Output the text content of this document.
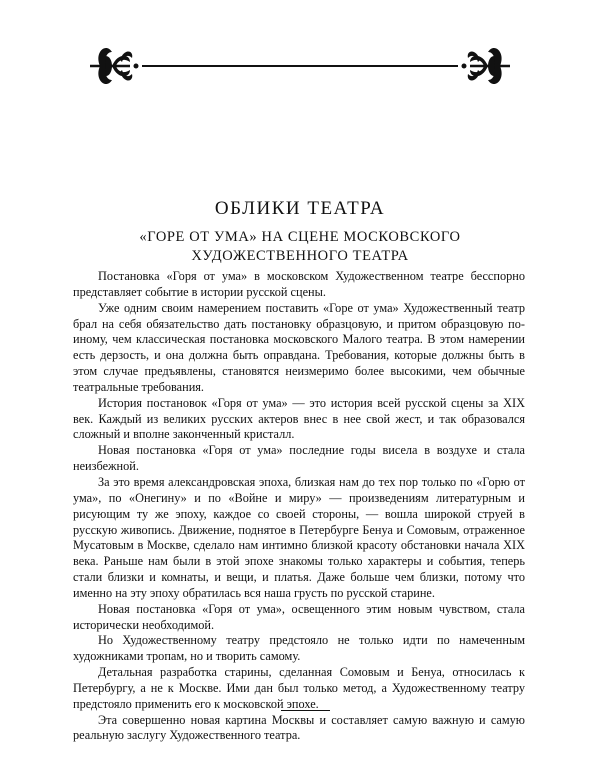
ОБЛИКИ ТЕАТРА
«ГОРЕ ОТ УМА» НА СЦЕНЕ МОСКОВСКОГО
ХУДОЖЕСТВЕННОГО ТЕАТРА

Постановка «Горя от ума» в московском Художественном театре бесспорно представляет событие в истории русской сцены.

Уже одним своим намерением поставить «Горе от ума» Художественный театр брал на себя обязательство дать постановку образцовую, и притом образцовую по-иному, чем классическая постановка московского Малого театра. В этом намерении есть дерзость, и она должна быть оправдана. Требования, которые должны быть в этом случае предъявлены, становятся неизмеримо более высокими, чем обычные театральные требования.

История постановок «Горя от ума» — это история всей русской сцены за XIX век. Каждый из великих русских актеров внес в нее свой жест, и так образовался сложный и вполне законченный кристалл.

Новая постановка «Горя от ума» последние годы висела в воздухе и стала неизбежной.

За это время александровская эпоха, близкая нам до тех пор только по «Горю от ума», по «Онегину» и по «Войне и миру» — произведениям литературным и рисующим ту же эпоху, каждое со своей стороны, — вошла широкой струей в русскую живопись. Движение, поднятое в Петербурге Бенуа и Сомовым, отраженное Мусатовым в Москве, сделало нам интимно близкой красоту обстановки начала XIX века. Раньше нам были в этой эпохе знакомы только характеры и события, теперь стали близки и комнаты, и вещи, и платья. Даже больше чем близки, потому что именно на эту эпоху обратилась вся наша грусть по русской старине.

Новая постановка «Горя от ума», освещенного этим новым чувством, стала исторически необходимой.

Но Художественному театру предстояло не только идти по намеченным художниками тропам, но и творить самому.

Детальная разработка старины, сделанная Сомовым и Бенуа, относилась к Петербургу, а не к Москве. Ими дан был только метод, а Художественному театру предстояло применить его к московской эпохе.

Эта совершенно новая картина Москвы и составляет самую важную и самую реальную заслугу Художественного театра.
